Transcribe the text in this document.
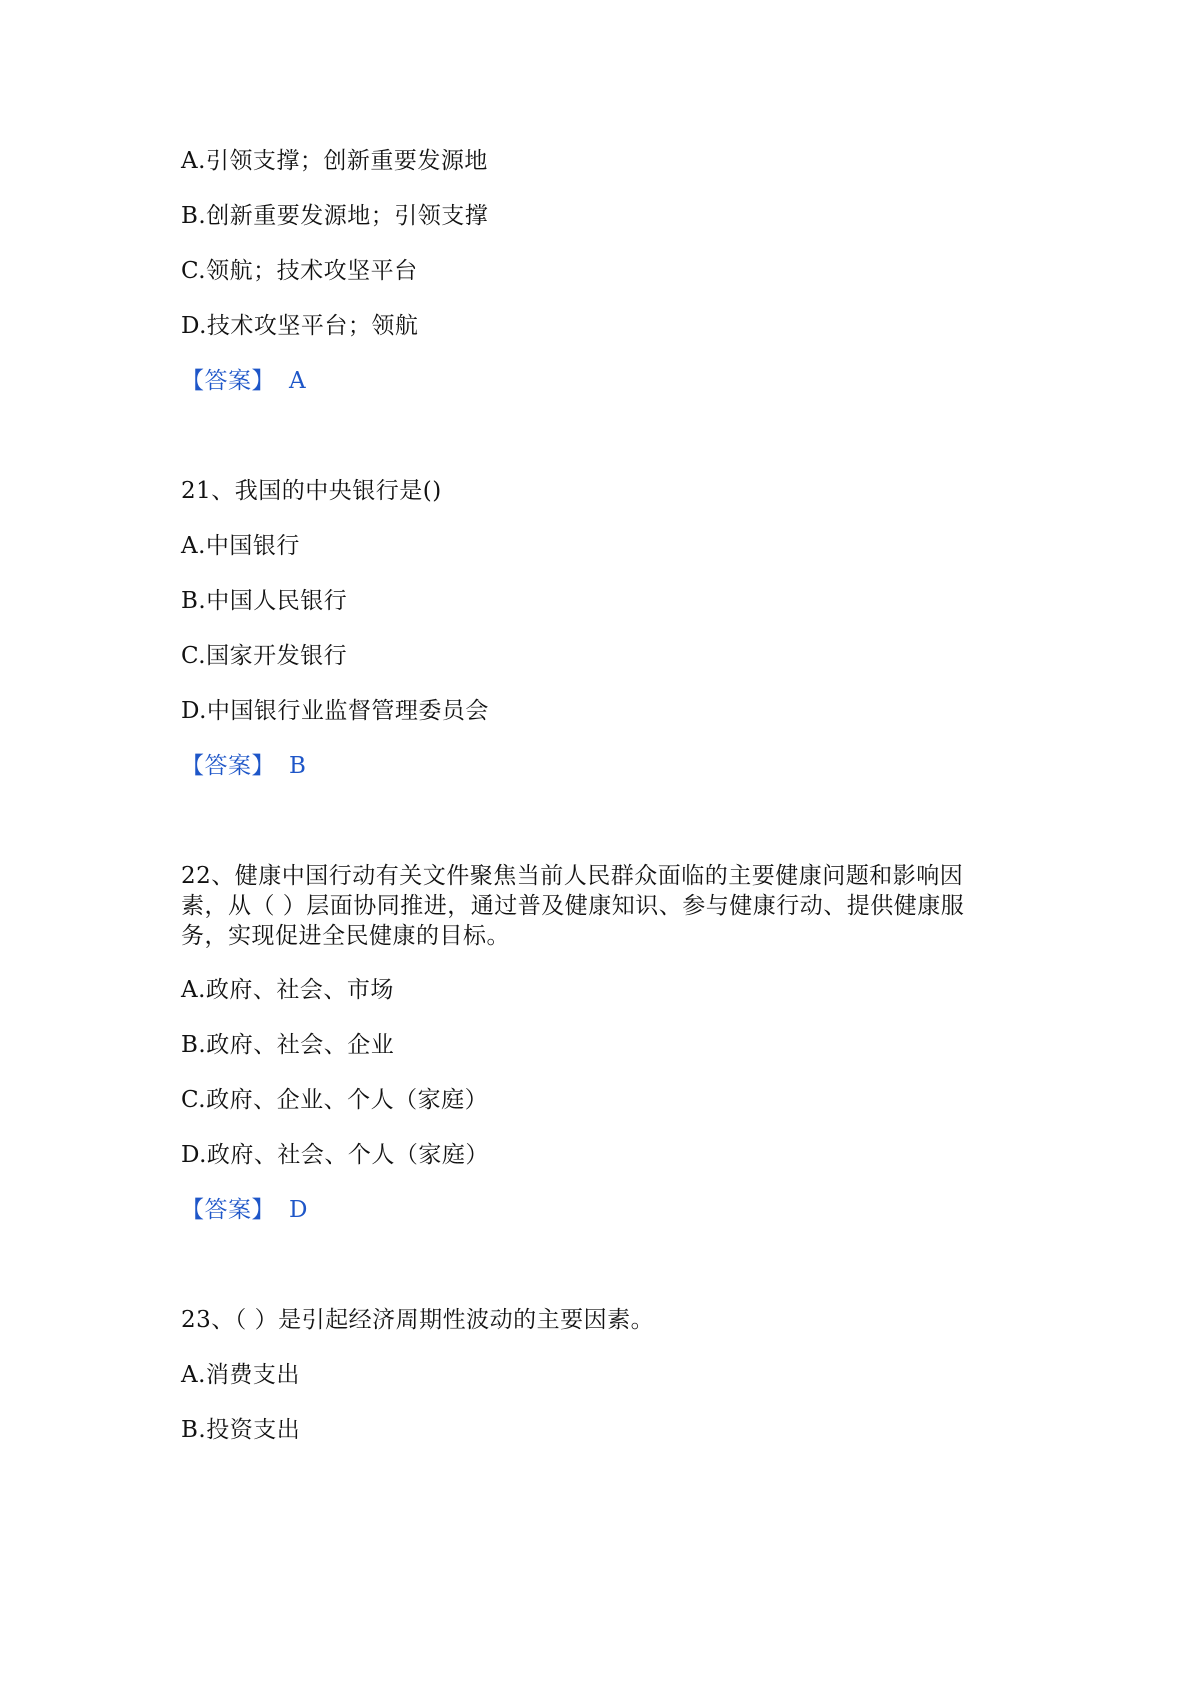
A.引领支撑；创新重要发源地
B.创新重要发源地；引领支撑
C.领航；技术攻坚平台
D.技术攻坚平台；领航
【答案】 A
21、我国的中央银行是()
A.中国银行
B.中国人民银行
C.国家开发银行
D.中国银行业监督管理委员会
【答案】 B
22、健康中国行动有关文件聚焦当前人民群众面临的主要健康问题和影响因
素，从（ ）层面协同推进，通过普及健康知识、参与健康行动、提供健康服
务，实现促进全民健康的目标。
A.政府、社会、市场
B.政府、社会、企业
C.政府、企业、个人（家庭）
D.政府、社会、个人（家庭）
【答案】 D
23、（ ）是引起经济周期性波动的主要因素。
A.消费支出
B.投资支出
